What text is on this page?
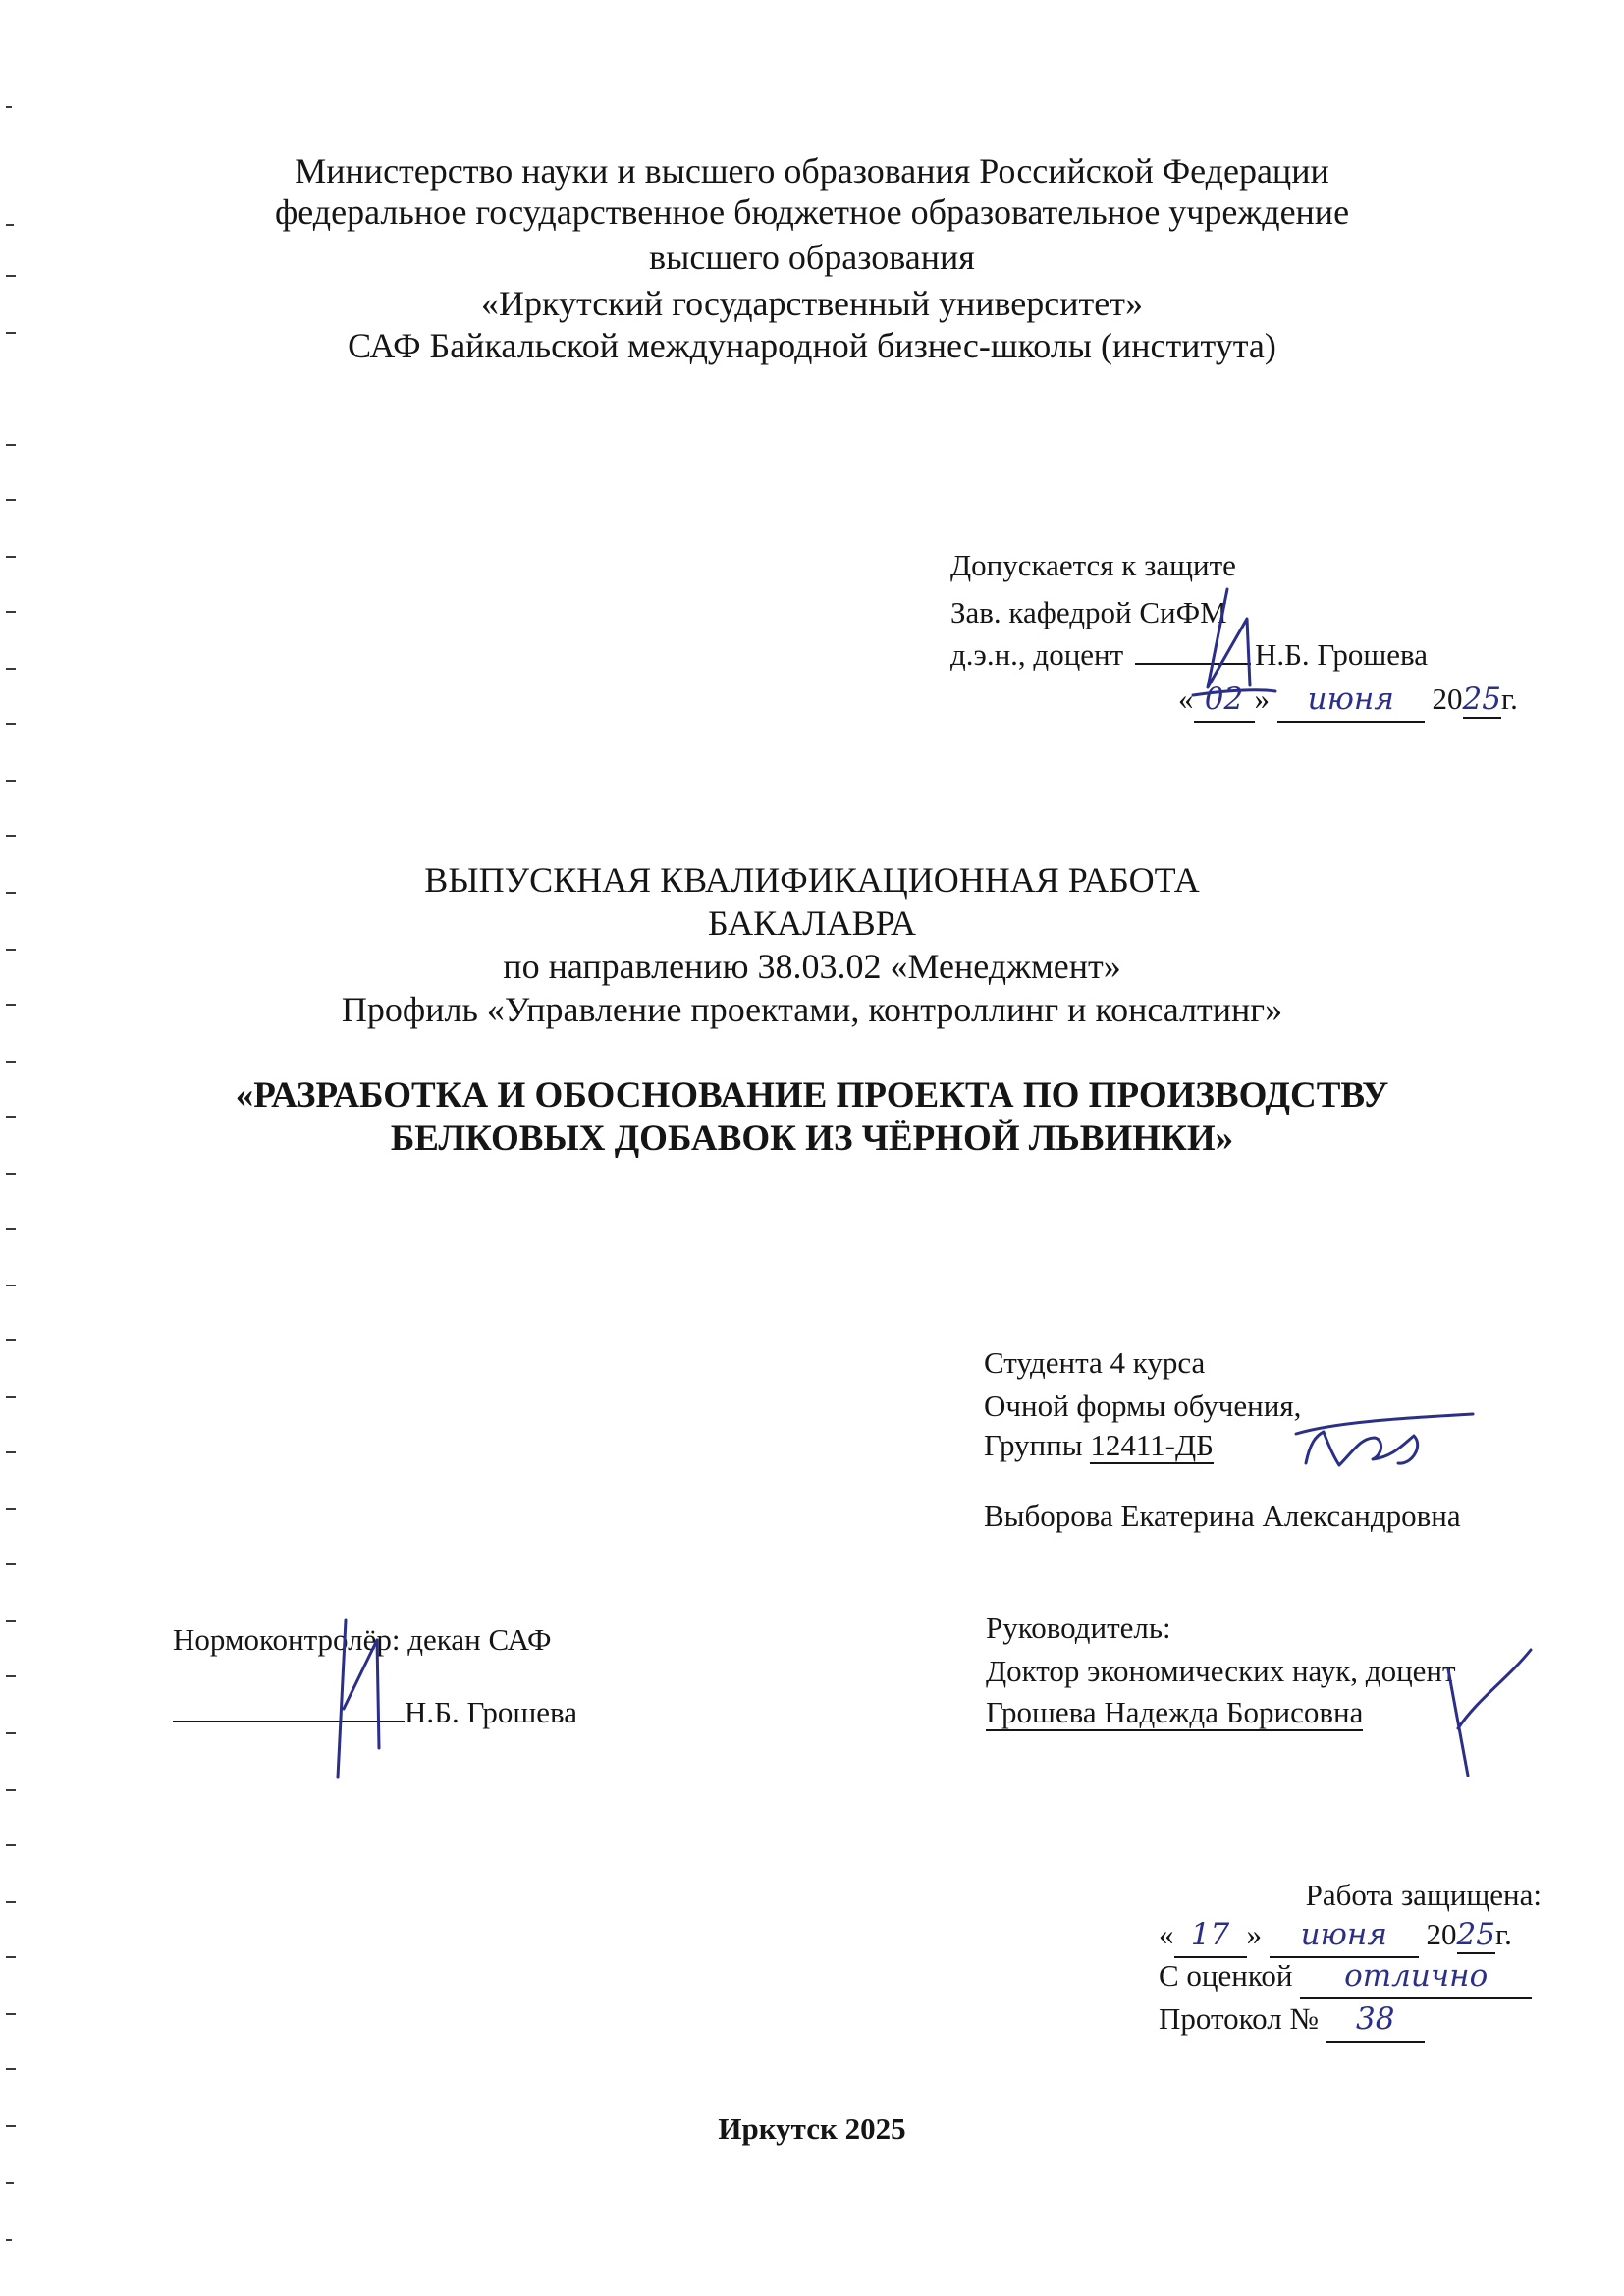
Министерство науки и высшего образования Российской Федерации
федеральное государственное бюджетное образовательное учреждение
высшего образования
«Иркутский государственный университет»
САФ Байкальской международной бизнес-школы (института)
Допускается к защите
Зав. кафедрой СиФМ
д.э.н., доцент	Н.Б. Грошева
« 02 » июня 2025г.
ВЫПУСКНАЯ КВАЛИФИКАЦИОННАЯ РАБОТА
БАКАЛАВРА
по направлению 38.03.02 «Менеджмент»
Профиль «Управление проектами, контроллинг и консалтинг»
«РАЗРАБОТКА И ОБОСНОВАНИЕ ПРОЕКТА ПО ПРОИЗВОДСТВУ
БЕЛКОВЫХ ДОБАВОК ИЗ ЧЁРНОЙ ЛЬВИНКИ»
Студента 4 курса
Очной формы обучения,
Группы 12411-ДБ
Выборова Екатерина Александровна
Нормоконтролёр: декан САФ
Н.Б. Грошева
Руководитель:
Доктор экономических наук, доцент
Грошева Надежда Борисовна
Работа защищена:
« 17 » июня 2025г.
С оценкой отлично
Протокол № 38
Иркутск 2025
